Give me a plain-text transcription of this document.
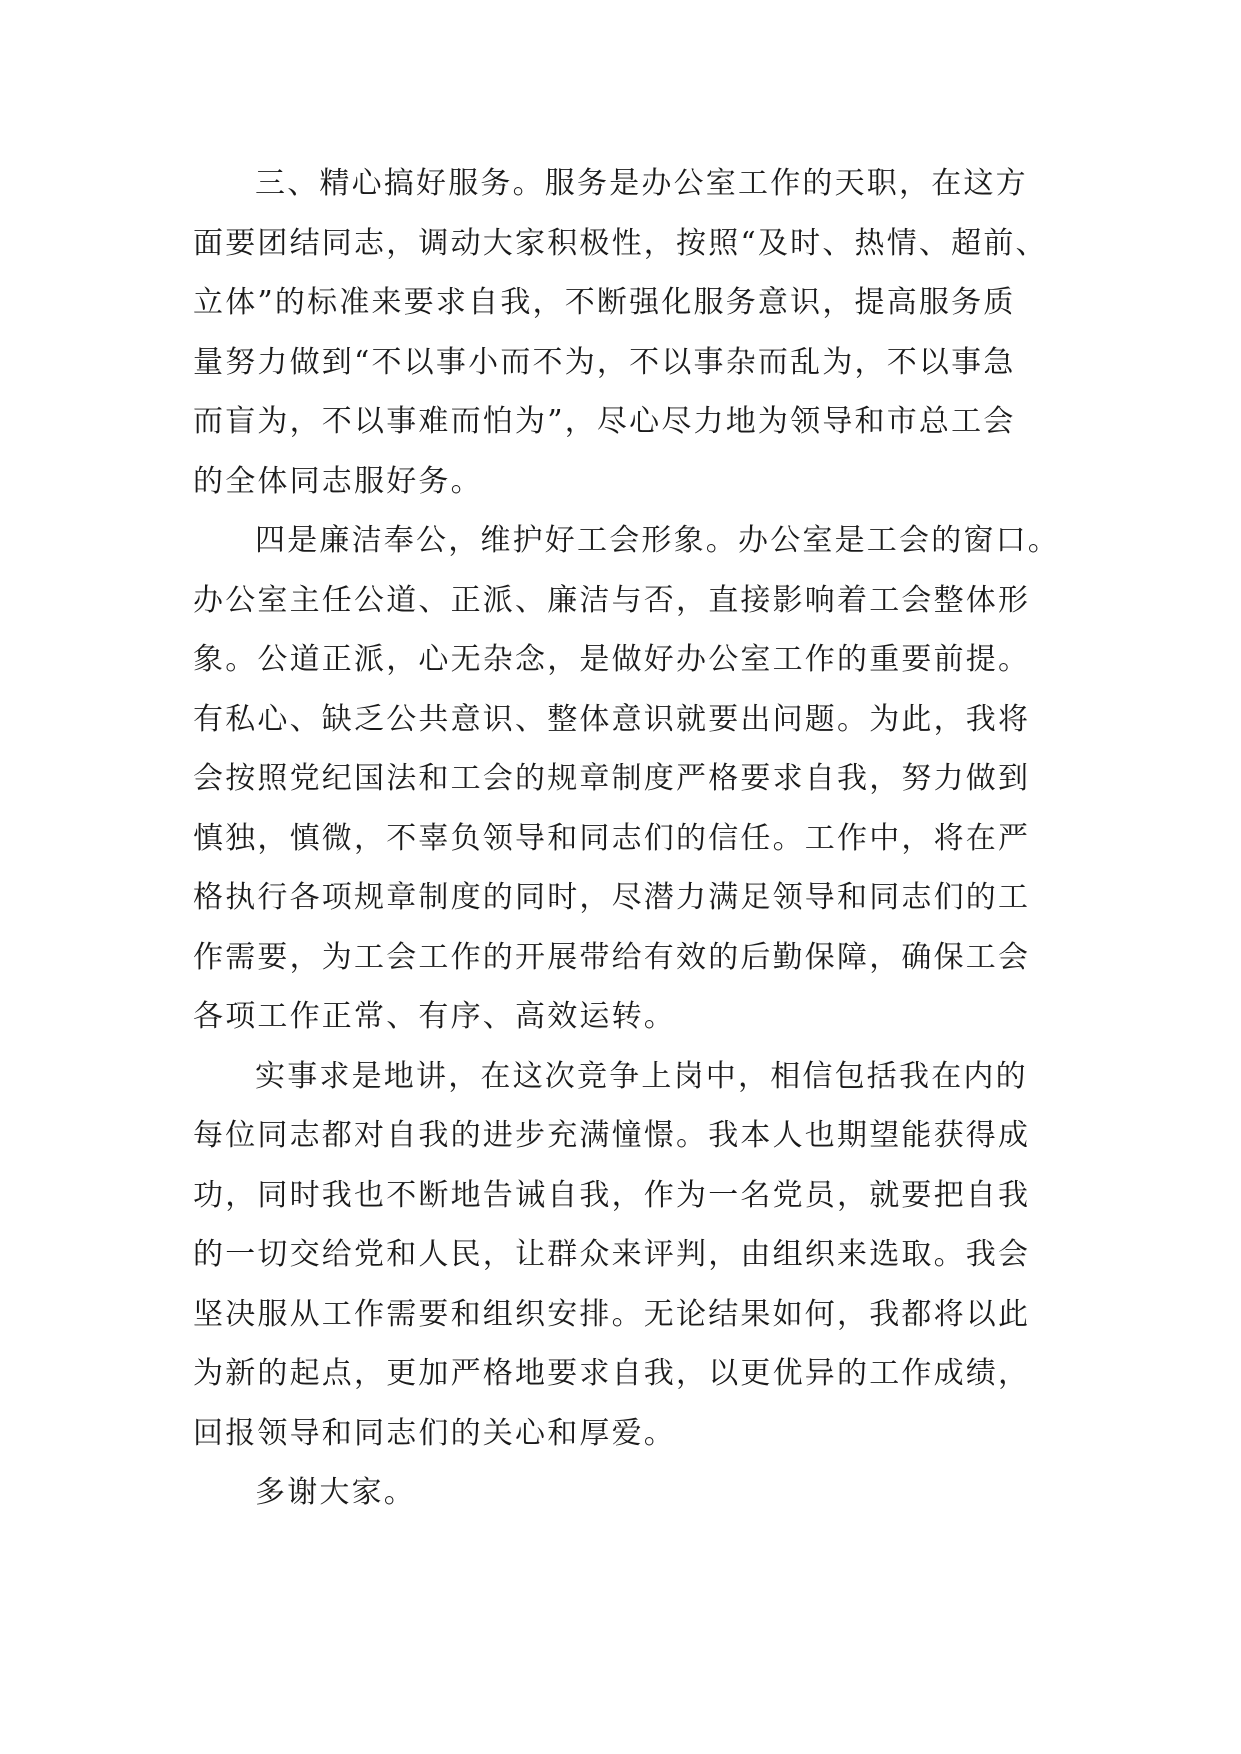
三、精心搞好服务。服务是办公室工作的天职，在这方
面要团结同志，调动大家积极性，按照“及时、热情、超前、
立体”的标准来要求自我，不断强化服务意识，提高服务质
量努力做到“不以事小而不为，不以事杂而乱为，不以事急
而盲为，不以事难而怕为”，尽心尽力地为领导和市总工会
的全体同志服好务。
四是廉洁奉公，维护好工会形象。办公室是工会的窗口。
办公室主任公道、正派、廉洁与否，直接影响着工会整体形
象。公道正派，心无杂念，是做好办公室工作的重要前提。
有私心、缺乏公共意识、整体意识就要出问题。为此，我将
会按照党纪国法和工会的规章制度严格要求自我，努力做到
慎独，慎微，不辜负领导和同志们的信任。工作中，将在严
格执行各项规章制度的同时，尽潜力满足领导和同志们的工
作需要，为工会工作的开展带给有效的后勤保障，确保工会
各项工作正常、有序、高效运转。
实事求是地讲，在这次竞争上岗中，相信包括我在内的
每位同志都对自我的进步充满憧憬。我本人也期望能获得成
功，同时我也不断地告诫自我，作为一名党员，就要把自我
的一切交给党和人民，让群众来评判，由组织来选取。我会
坚决服从工作需要和组织安排。无论结果如何，我都将以此
为新的起点，更加严格地要求自我，以更优异的工作成绩，
回报领导和同志们的关心和厚爱。
多谢大家。
